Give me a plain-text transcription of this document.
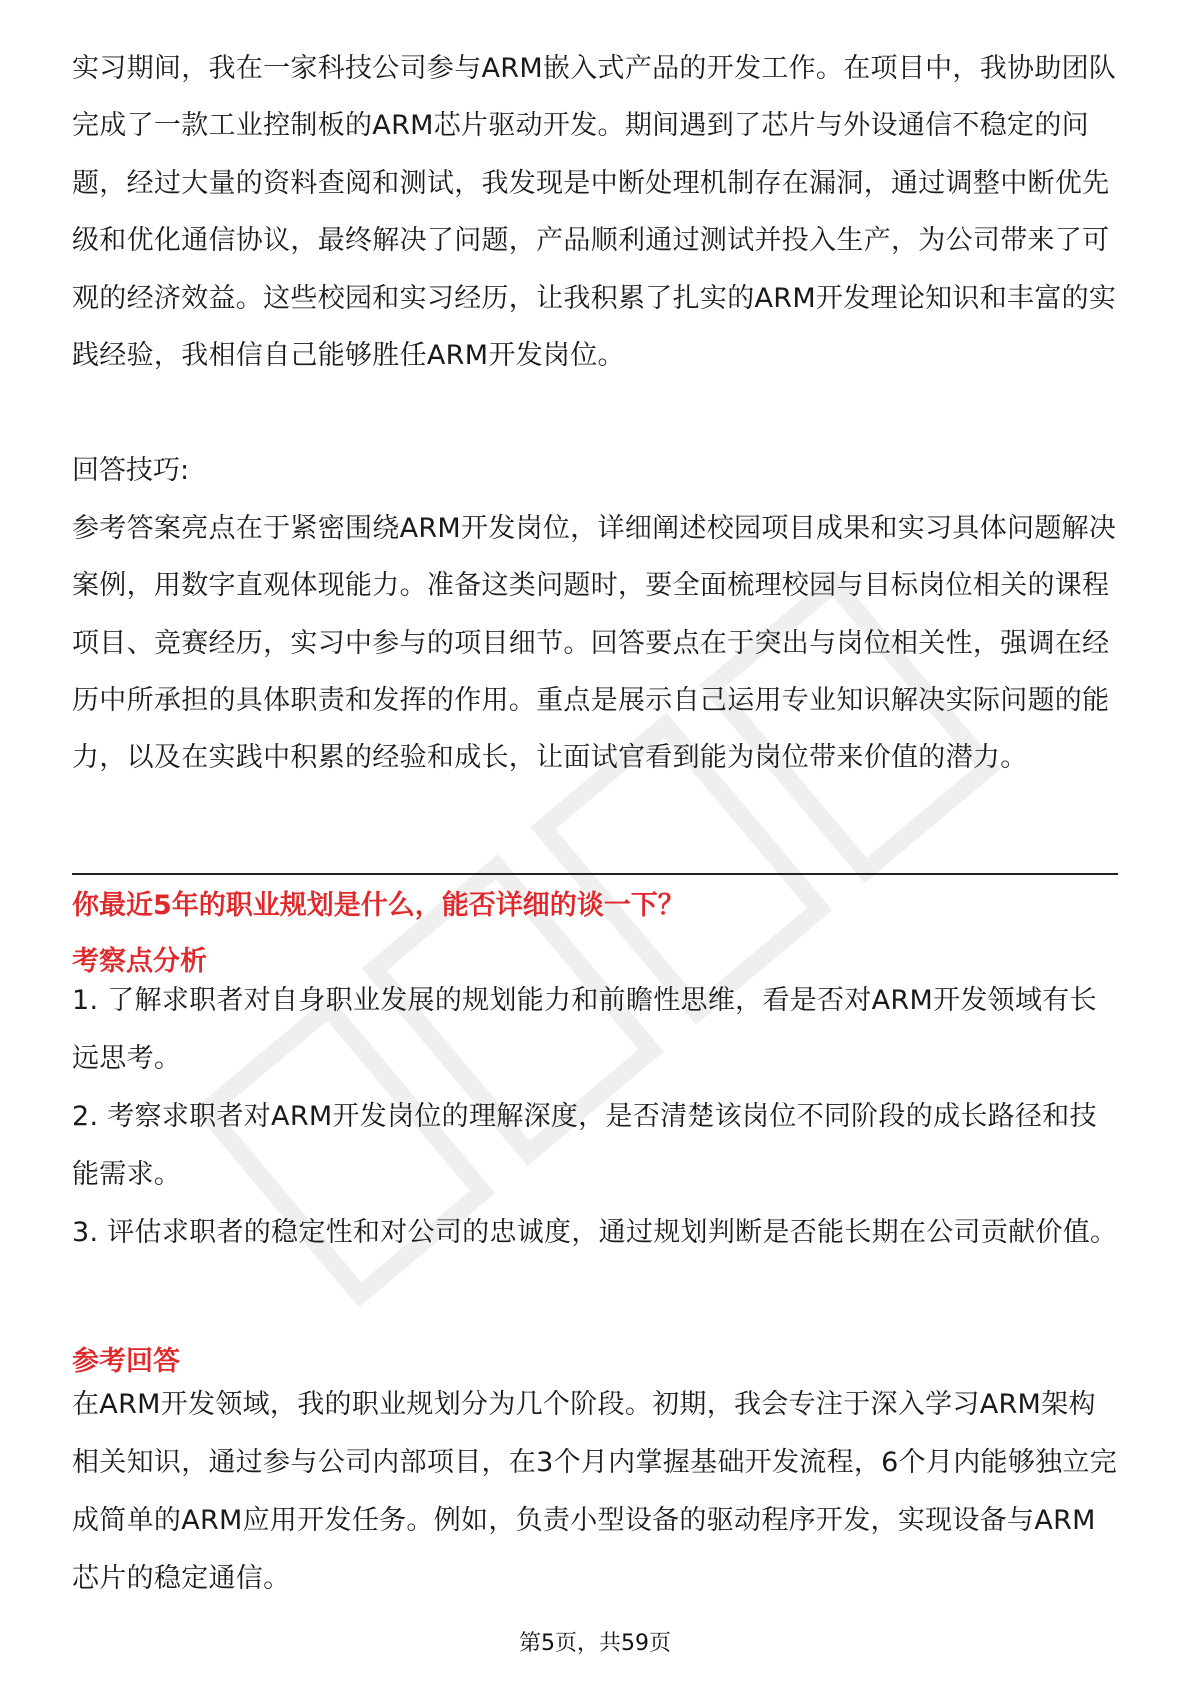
实习期间，我在一家科技公司参与ARM嵌入式产品的开发工作。在项目中，我协助团队完成了一款工业控制板的ARM芯片驱动开发。期间遇到了芯片与外设通信不稳定的问题，经过大量的资料查阅和测试，我发现是中断处理机制存在漏洞，通过调整中断优先级和优化通信协议，最终解决了问题，产品顺利通过测试并投入生产，为公司带来了可观的经济效益。这些校园和实习经历，让我积累了扎实的ARM开发理论知识和丰富的实践经验，我相信自己能够胜任ARM开发岗位。

回答技巧:

参考答案亮点在于紧密围绕ARM开发岗位，详细阐述校园项目成果和实习具体问题解决案例，用数字直观体现能力。准备这类问题时，要全面梳理校园与目标岗位相关的课程项目、竞赛经历，实习中参与的项目细节。回答要点在于突出与岗位相关性，强调在经历中所承担的具体职责和发挥的作用。重点是展示自己运用专业知识解决实际问题的能力，以及在实践中积累的经验和成长，让面试官看到能为岗位带来价值的潜力。

你最近5年的职业规划是什么，能否详细的谈一下？

考察点分析

1. 了解求职者对自身职业发展的规划能力和前瞻性思维，看是否对ARM开发领域有长远思考。

2. 考察求职者对ARM开发岗位的理解深度，是否清楚该岗位不同阶段的成长路径和技能需求。

3. 评估求职者的稳定性和对公司的忠诚度，通过规划判断是否能长期在公司贡献价值。

参考回答

在ARM开发领域，我的职业规划分为几个阶段。初期，我会专注于深入学习ARM架构相关知识，通过参与公司内部项目，在3个月内掌握基础开发流程，6个月内能够独立完成简单的ARM应用开发任务。例如，负责小型设备的驱动程序开发，实现设备与ARM芯片的稳定通信。

第5页，共59页
